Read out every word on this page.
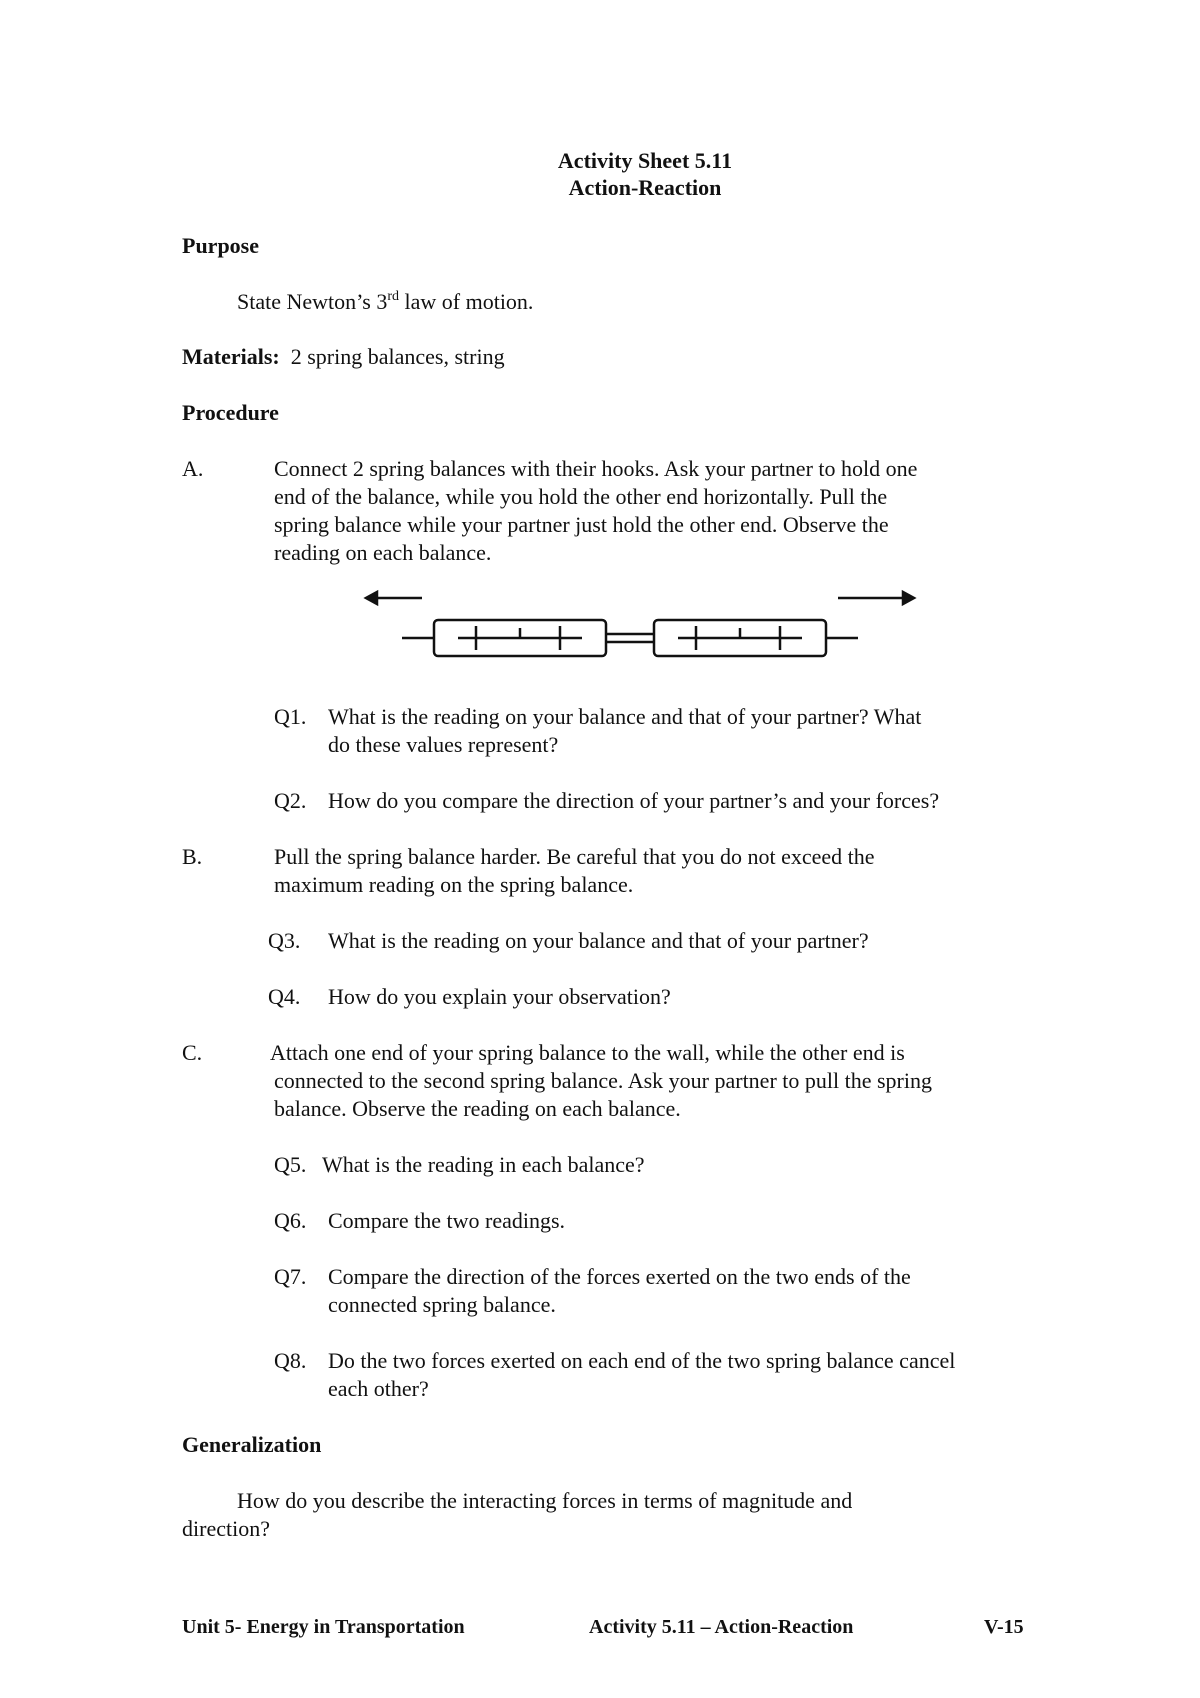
Activity Sheet 5.11
Action-Reaction
Purpose
State Newton’s 3rd law of motion.
Materials: 2 spring balances, string
Procedure
A.	Connect 2 spring balances with their hooks. Ask your partner to hold one
end of the balance, while you hold the other end horizontally. Pull the
spring balance while your partner just hold the other end. Observe the
reading on each balance.
Q1. What is the reading on your balance and that of your partner? What
do these values represent?
Q2. How do you compare the direction of your partner’s and your forces?
B.	Pull the spring balance harder. Be careful that you do not exceed the
maximum reading on the spring balance.
Q3. What is the reading on your balance and that of your partner?
Q4. How do you explain your observation?
C.	Attach one end of your spring balance to the wall, while the other end is
connected to the second spring balance. Ask your partner to pull the spring
balance. Observe the reading on each balance.
Q5. What is the reading in each balance?
Q6. Compare the two readings.
Q7. Compare the direction of the forces exerted on the two ends of the
connected spring balance.
Q8. Do the two forces exerted on each end of the two spring balance cancel
each other?
Generalization
How do you describe the interacting forces in terms of magnitude and
direction?
Unit 5- Energy in Transportation	Activity 5.11 – Action-Reaction	V-15
